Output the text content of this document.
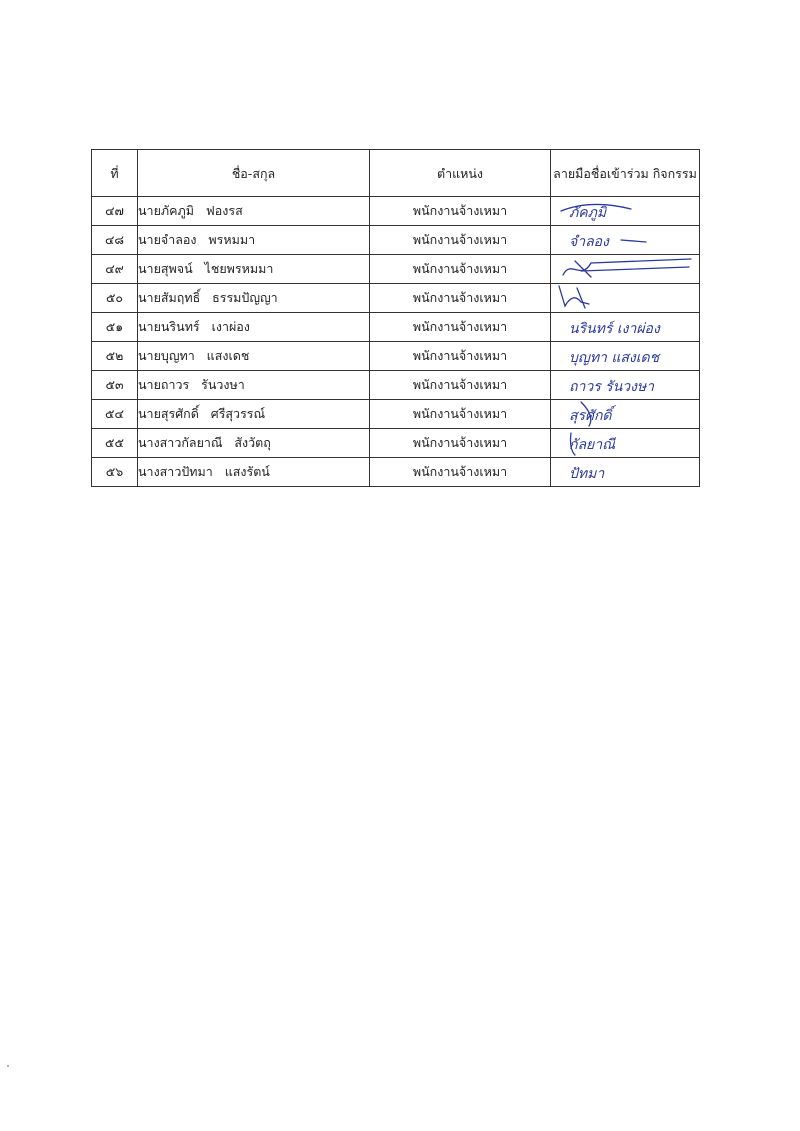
ที่	ชื่อ-สกุล	ตำแหน่ง	ลายมือชื่อเข้าร่วม กิจกรรม
๔๗	นายภัคภูมิ   ฟองรส	พนักงานจ้างเหมา	ภัคภูมิ

๔๘	นายจำลอง   พรหมมา	พนักงานจ้างเหมา	จำลอง

๔๙	นายสุพจน์   ไชยพรหมมา	พนักงานจ้างเหมา	

๕๐	นายสัมฤทธิ์   ธรรมปัญญา	พนักงานจ้างเหมา	

๕๑	นายนรินทร์   เงาผ่อง	พนักงานจ้างเหมา	นรินทร์ เงาผ่อง

๕๒	นายบุญทา   แสงเดช	พนักงานจ้างเหมา	บุญทา แสงเดช

๕๓	นายถาวร   รันวงษา	พนักงานจ้างเหมา	ถาวร รันวงษา

๕๔	นายสุรศักดิ์   ศรีสุวรรณ์	พนักงานจ้างเหมา	สุรศักดิ์

๕๕	นางสาวกัลยาณี   สังวัตถุ	พนักงานจ้างเหมา	กัลยาณี

๕๖	นางสาวปัทมา   แสงรัตน์	พนักงานจ้างเหมา	ปัทมา
